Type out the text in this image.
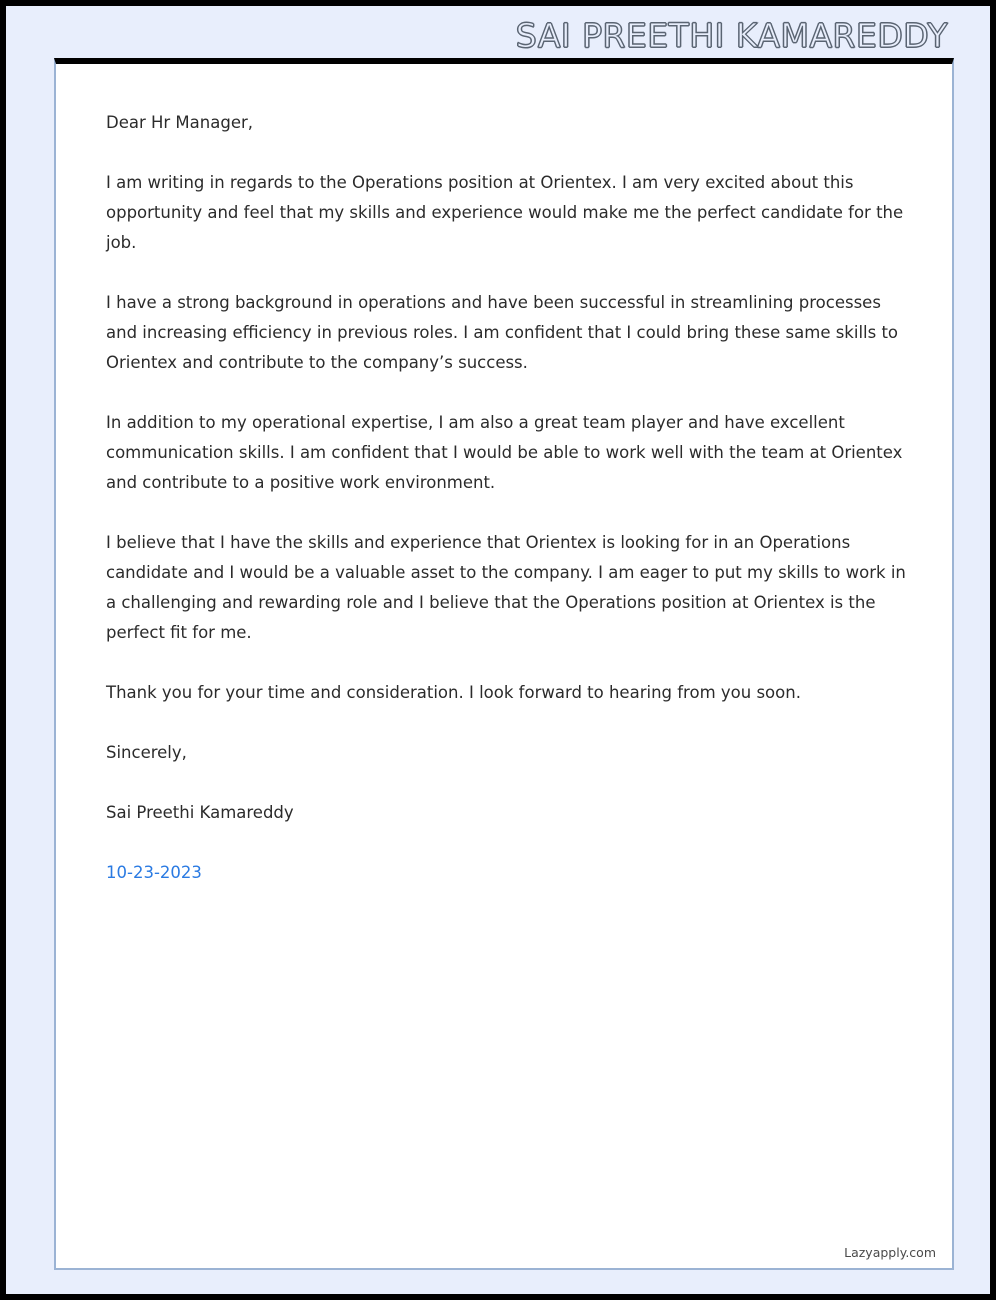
SAI PREETHI KAMAREDDY

Dear Hr Manager,

I am writing in regards to the Operations position at Orientex. I am very excited about this opportunity and feel that my skills and experience would make me the perfect candidate for the job.

I have a strong background in operations and have been successful in streamlining processes and increasing efficiency in previous roles. I am confident that I could bring these same skills to Orientex and contribute to the company’s success.

In addition to my operational expertise, I am also a great team player and have excellent communication skills. I am confident that I would be able to work well with the team at Orientex and contribute to a positive work environment.

I believe that I have the skills and experience that Orientex is looking for in an Operations candidate and I would be a valuable asset to the company. I am eager to put my skills to work in a challenging and rewarding role and I believe that the Operations position at Orientex is the perfect fit for me.

Thank you for your time and consideration. I look forward to hearing from you soon.

Sincerely,

Sai Preethi Kamareddy

10-23-2023

Lazyapply.com
